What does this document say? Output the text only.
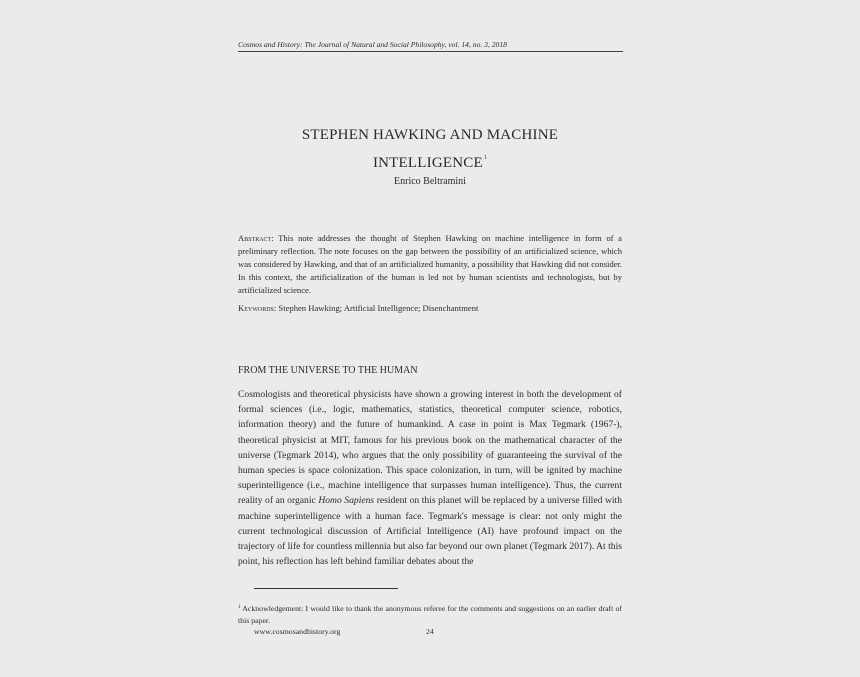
Cosmos and History: The Journal of Natural and Social Philosophy, vol. 14, no. 3, 2018
STEPHEN HAWKING AND MACHINE
INTELLIGENCE$^1$
Enrico Beltramini
Abstract: This note addresses the thought of Stephen Hawking on machine intelligence in form of a preliminary reflection. The note focuses on the gap between the possibility of an artificialized science, which was considered by Hawking, and that of an artificialized humanity, a possibility that Hawking did not consider. In this context, the artificialization of the human is led not by human scientists and technologists, but by artificialized science.
Keywords: Stephen Hawking; Artificial Intelligence; Disenchantment
FROM THE UNIVERSE TO THE HUMAN
Cosmologists and theoretical physicists have shown a growing interest in both the development of formal sciences (i.e., logic, mathematics, statistics, theoretical computer science, robotics, information theory) and the future of humankind. A case in point is Max Tegmark (1967-), theoretical physicist at MIT, famous for his previous book on the mathematical character of the universe (Tegmark 2014), who argues that the only possibility of guaranteeing the survival of the human species is space colonization. This space colonization, in turn, will be ignited by machine superintelligence (i.e., machine intelligence that surpasses human intelligence). Thus, the current reality of an organic Homo Sapiens resident on this planet will be replaced by a universe filled with machine superintelligence with a human face. Tegmark's message is clear: not only might the current technological discussion of Artificial Intelligence (AI) have profound impact on the trajectory of life for countless millennia but also far beyond our own planet (Tegmark 2017). At this point, his reflection has left behind familiar debates about the
$^1$ Acknowledgement: I would like to thank the anonymous referee for the comments and suggestions on an earlier draft of this paper.
www.cosmosandhistory.org	24
